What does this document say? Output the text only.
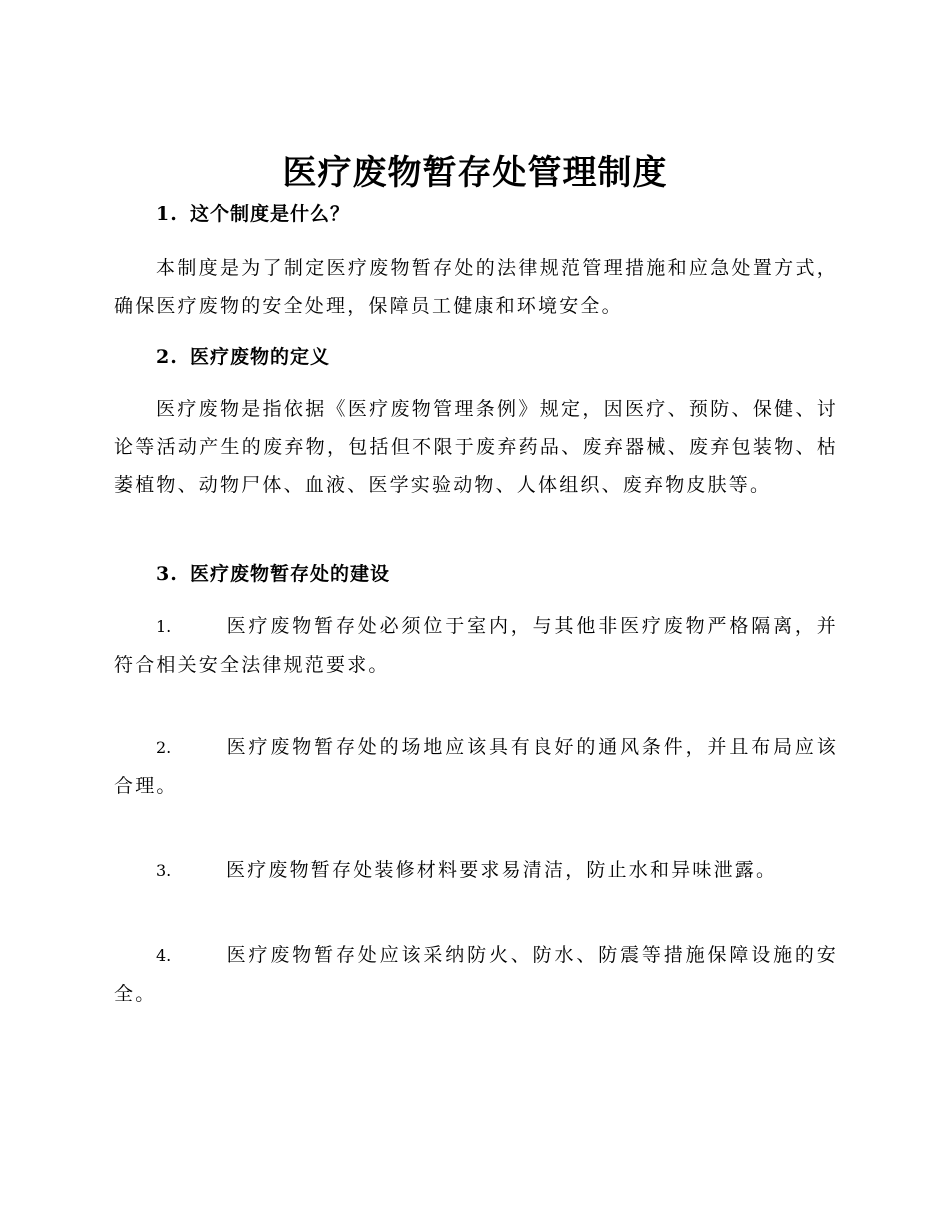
医疗废物暂存处管理制度
1. 这个制度是什么？
本制度是为了制定医疗废物暂存处的法律规范管理措施和应急处置方式，确保医疗废物的安全处理，保障员工健康和环境安全。
2. 医疗废物的定义
医疗废物是指依据《医疗废物管理条例》规定，因医疗、预防、保健、讨论等活动产生的废弃物，包括但不限于废弃药品、废弃器械、废弃包装物、枯萎植物、动物尸体、血液、医学实验动物、人体组织、废弃物皮肤等。
3. 医疗废物暂存处的建设
1.	医疗废物暂存处必须位于室内，与其他非医疗废物严格隔离，并符合相关安全法律规范要求。
2.	医疗废物暂存处的场地应该具有良好的通风条件，并且布局应该合理。
3.	医疗废物暂存处装修材料要求易清洁，防止水和异味泄露。
4.	医疗废物暂存处应该采纳防火、防水、防震等措施保障设施的安全。
